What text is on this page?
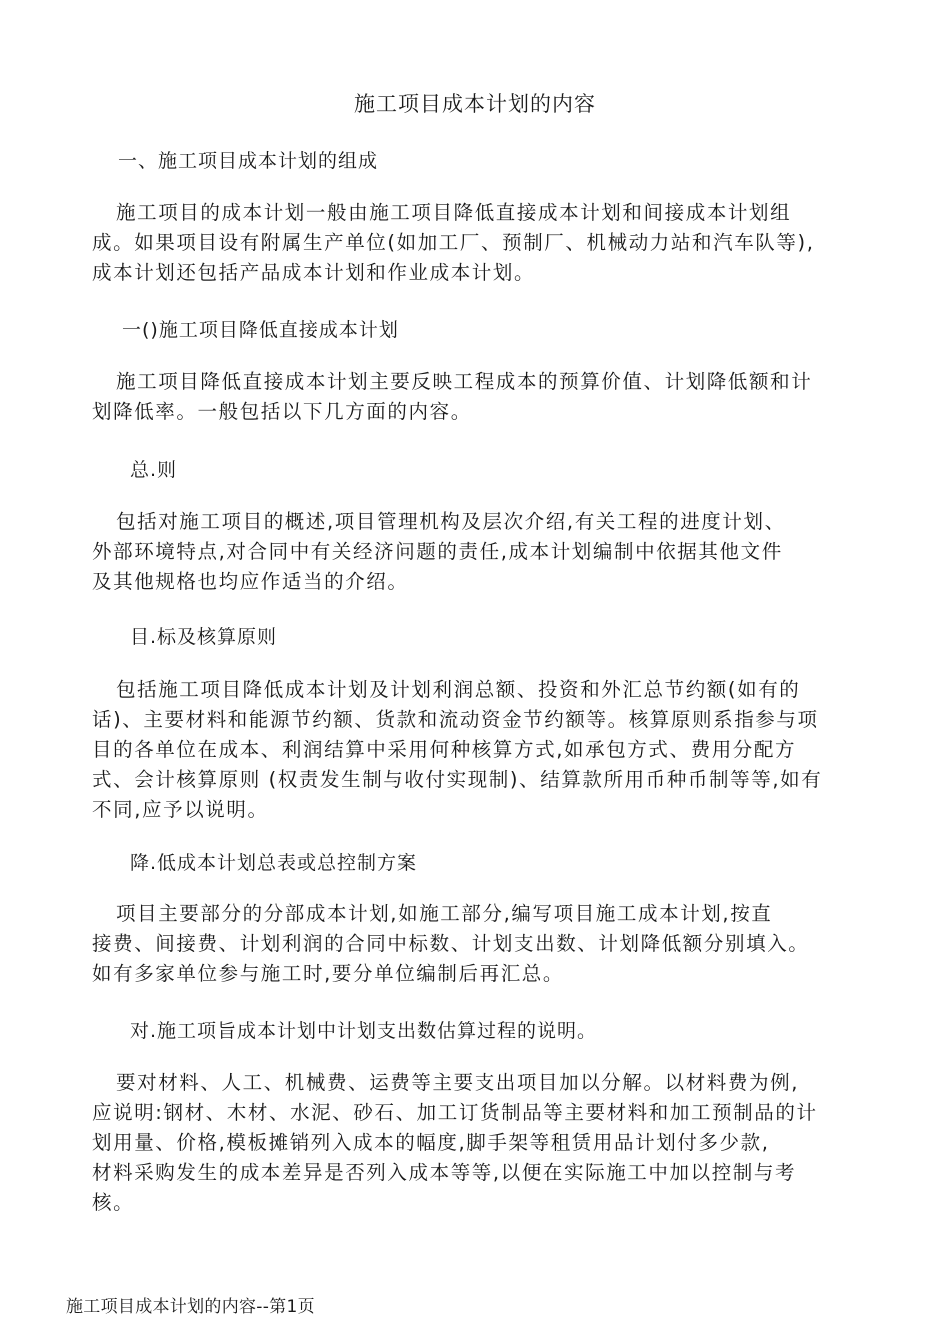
施工项目成本计划的内容
一、施工项目成本计划的组成
施工项目的成本计划一般由施工项目降低直接成本计划和间接成本计划组
成。如果项目设有附属生产单位(如加工厂、预制厂、机械动力站和汽车队等),
成本计划还包括产品成本计划和作业成本计划。
一()施工项目降低直接成本计划
施工项目降低直接成本计划主要反映工程成本的预算价值、计划降低额和计
划降低率。一般包括以下几方面的内容。
总.则
包括对施工项目的概述,项目管理机构及层次介绍,有关工程的进度计划、
外部环境特点,对合同中有关经济问题的责任,成本计划编制中依据其他文件
及其他规格也均应作适当的介绍。
目.标及核算原则
包括施工项目降低成本计划及计划利润总额、投资和外汇总节约额(如有的
话)、主要材料和能源节约额、货款和流动资金节约额等。核算原则系指参与项
目的各单位在成本、利润结算中采用何种核算方式,如承包方式、费用分配方
式、会计核算原则 (权责发生制与收付实现制)、结算款所用币种币制等等,如有
不同,应予以说明。
降.低成本计划总表或总控制方案
项目主要部分的分部成本计划,如施工部分,编写项目施工成本计划,按直
接费、间接费、计划利润的合同中标数、计划支出数、计划降低额分别填入。
如有多家单位参与施工时,要分单位编制后再汇总。
对.施工项旨成本计划中计划支出数估算过程的说明。
要对材料、人工、机械费、运费等主要支出项目加以分解。以材料费为例,
应说明:钢材、木材、水泥、砂石、加工订货制品等主要材料和加工预制品的计
划用量、价格,模板摊销列入成本的幅度,脚手架等租赁用品计划付多少款,
材料采购发生的成本差异是否列入成本等等,以便在实际施工中加以控制与考
核。
施工项目成本计划的内容--第1页
